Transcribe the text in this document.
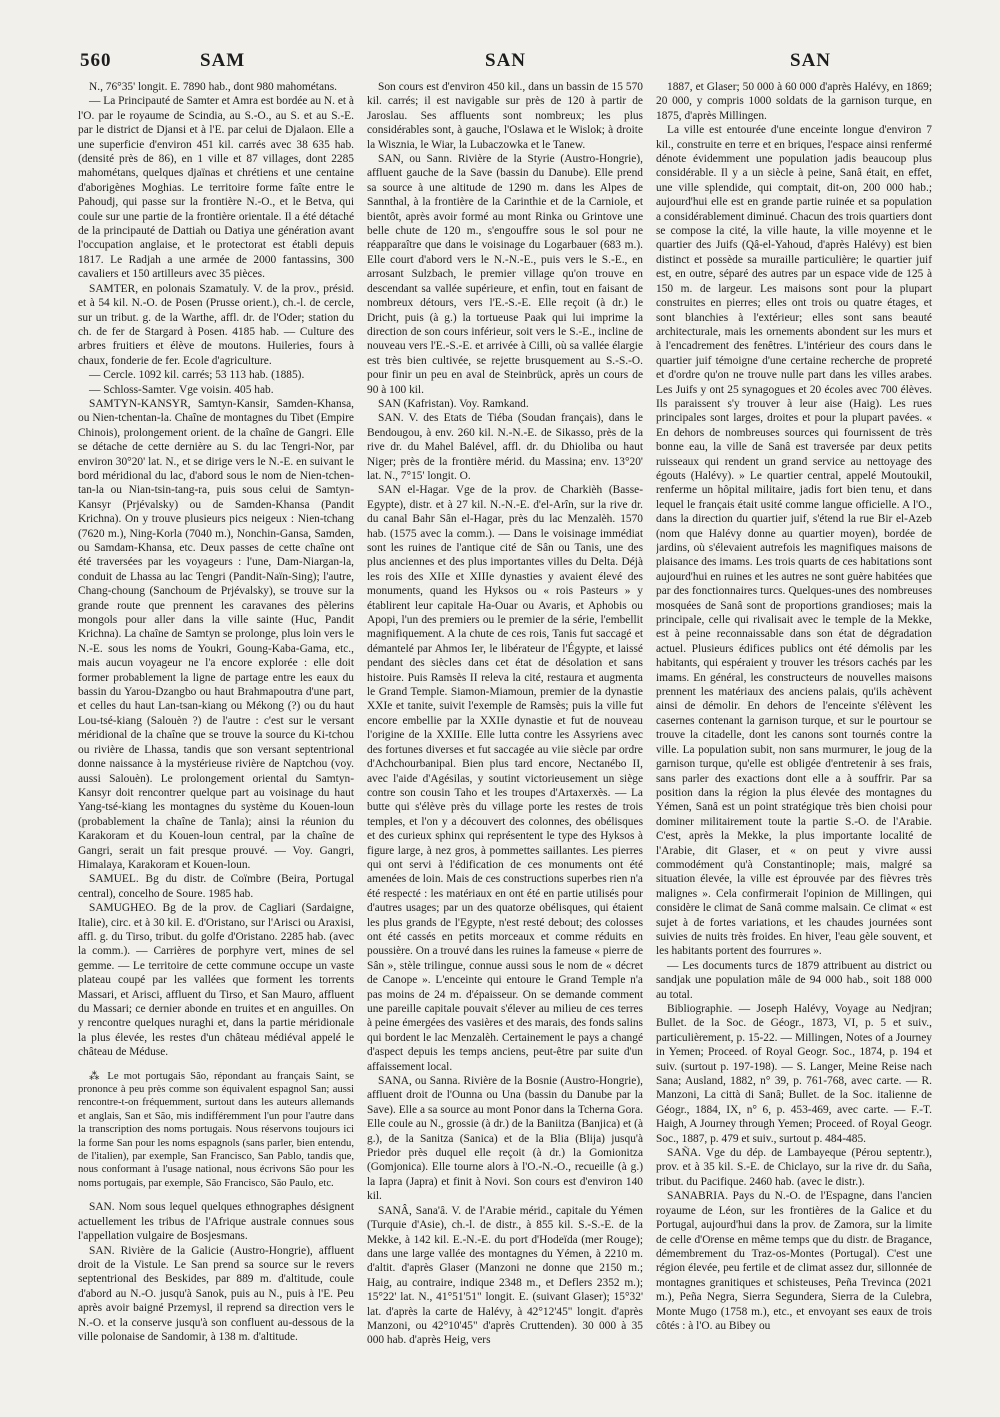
560	SAM	SAN	SAN

N., 76°35' longit. E. 7890 hab., dont 980 mahométans.

— La Principauté de Samter et Amra est bordée au N. et à l'O. par le royaume de Scindia, au S.-O., au S. et au S.-E. par le district de Djansi et à l'E. par celui de Djalaon. Elle a une superficie d'environ 451 kil. carrés avec 38 635 hab. (densité près de 86), en 1 ville et 87 villages, dont 2285 mahométans, quelques djaïnas et chrétiens et une centaine d'aborigènes Moghias. Le territoire forme faîte entre le Pahoudj, qui passe sur la frontière N.-O., et le Betva, qui coule sur une partie de la frontière orientale. Il a été détaché de la principauté de Dattiah ou Datiya une génération avant l'occupation anglaise, et le protectorat est établi depuis 1817. Le Radjah a une armée de 2000 fantassins, 300 cavaliers et 150 artilleurs avec 35 pièces.

SAMTER, en polonais Szamatuly. V. de la prov., présid. et à 54 kil. N.-O. de Posen (Prusse orient.), ch.-l. de cercle, sur un tribut. g. de la Warthe, affl. dr. de l'Oder; station du ch. de fer de Stargard à Posen. 4185 hab. — Culture des arbres fruitiers et élève de moutons. Huileries, fours à chaux, fonderie de fer. Ecole d'agriculture.

— Cercle. 1092 kil. carrés; 53 113 hab. (1885).

— Schloss-Samter. Vge voisin. 405 hab.

SAMTYN-KANSYR, Samtyn-Kansir, Samden-Khansa, ou Nien-tchentan-la. Chaîne de montagnes du Tibet (Empire Chinois), prolongement orient. de la chaîne de Gangri. Elle se détache de cette dernière au S. du lac Tengri-Nor, par environ 30°20' lat. N., et se dirige vers le N.-E. en suivant le bord méridional du lac, d'abord sous le nom de Nien-tchen-tan-la ou Nian-tsin-tang-ra, puis sous celui de Samtyn-Kansyr (Prjévalsky) ou de Samden-Khansa (Pandit Krichna). On y trouve plusieurs pics neigeux : Nien-tchang (7620 m.), Ning-Korla (7040 m.), Nonchin-Gansa, Samden, ou Samdam-Khansa, etc. Deux passes de cette chaîne ont été traversées par les voyageurs : l'une, Dam-Niargan-la, conduit de Lhassa au lac Tengri (Pandit-Naïn-Sing); l'autre, Chang-choung (Sanchoum de Prjévalsky), se trouve sur la grande route que prennent les caravanes des pèlerins mongols pour aller dans la ville sainte (Huc, Pandit Krichna). La chaîne de Samtyn se prolonge, plus loin vers le N.-E. sous les noms de Youkri, Goung-Kaba-Gama, etc., mais aucun voyageur ne l'a encore explorée : elle doit former probablement la ligne de partage entre les eaux du bassin du Yarou-Dzangbo ou haut Brahmapoutra d'une part, et celles du haut Lan-tsan-kiang ou Mékong (?) ou du haut Lou-tsé-kiang (Salouèn ?) de l'autre : c'est sur le versant méridional de la chaîne que se trouve la source du Ki-tchou ou rivière de Lhassa, tandis que son versant septentrional donne naissance à la mystérieuse rivière de Naptchou (voy. aussi Salouèn). Le prolongement oriental du Samtyn-Kansyr doit rencontrer quelque part au voisinage du haut Yang-tsé-kiang les montagnes du système du Kouen-loun (probablement la chaîne de Tanla); ainsi la réunion du Karakoram et du Kouen-loun central, par la chaîne de Gangri, serait un fait presque prouvé. — Voy. Gangri, Himalaya, Karakoram et Kouen-loun.

SAMUEL. Bg du distr. de Coïmbre (Beira, Portugal central), concelho de Soure. 1985 hab.

SAMUGHEO. Bg de la prov. de Cagliari (Sardaigne, Italie), circ. et à 30 kil. E. d'Oristano, sur l'Arisci ou Araxisi, affl. g. du Tirso, tribut. du golfe d'Oristano. 2285 hab. (avec la comm.). — Carrières de porphyre vert, mines de sel gemme. — Le territoire de cette commune occupe un vaste plateau coupé par les vallées que forment les torrents Massari, et Arisci, affluent du Tirso, et San Mauro, affluent du Massari; ce dernier abonde en truites et en anguilles. On y rencontre quelques nuraghi et, dans la partie méridionale la plus élevée, les restes d'un château médiéval appelé le château de Méduse.

⁂ Le mot portugais São, répondant au français Saint, se prononce à peu près comme son équivalent espagnol San; aussi rencontre-t-on fréquemment, surtout dans les auteurs allemands et anglais, San et São, mis indifféremment l'un pour l'autre dans la transcription des noms portugais. Nous réservons toujours ici la forme San pour les noms espagnols (sans parler, bien entendu, de l'italien), par exemple, San Francisco, San Pablo, tandis que, nous conformant à l'usage national, nous écrivons São pour les noms portugais, par exemple, São Francisco, São Paulo, etc.

SAN. Nom sous lequel quelques ethnographes désignent actuellement les tribus de l'Afrique australe connues sous l'appellation vulgaire de Bosjesmans.

SAN. Rivière de la Galicie (Austro-Hongrie), affluent droit de la Vistule. Le San prend sa source sur le revers septentrional des Beskides, par 889 m. d'altitude, coule d'abord au N.-O. jusqu'à Sanok, puis au N., puis à l'E. Peu après avoir baigné Przemysl, il reprend sa direction vers le N.-O. et la conserve jusqu'à son confluent au-dessous de la ville polonaise de Sandomir, à 138 m. d'altitude.

Son cours est d'environ 450 kil., dans un bassin de 15 570 kil. carrés; il est navigable sur près de 120 à partir de Jaroslau. Ses affluents sont nombreux; les plus considérables sont, à gauche, l'Oslawa et le Wislok; à droite la Wisznia, le Wiar, la Lubaczowka et le Tanew.

SAN, ou Sann. Rivière de la Styrie (Austro-Hongrie), affluent gauche de la Save (bassin du Danube). Elle prend sa source à une altitude de 1290 m. dans les Alpes de Sannthal, à la frontière de la Carinthie et de la Carniole, et bientôt, après avoir formé au mont Rinka ou Grintove une belle chute de 120 m., s'engouffre sous le sol pour ne réapparaître que dans le voisinage du Logarbauer (683 m.). Elle court d'abord vers le N.-N.-E., puis vers le S.-E., en arrosant Sulzbach, le premier village qu'on trouve en descendant sa vallée supérieure, et enfin, tout en faisant de nombreux détours, vers l'E.-S.-E. Elle reçoit (à dr.) le Dricht, puis (à g.) la tortueuse Paak qui lui imprime la direction de son cours inférieur, soit vers le S.-E., incline de nouveau vers l'E.-S.-E. et arrivée à Cilli, où sa vallée élargie est très bien cultivée, se rejette brusquement au S.-S.-O. pour finir un peu en aval de Steinbrück, après un cours de 90 à 100 kil.

SAN (Kafristan). Voy. Ramkand.

SAN. V. des Etats de Tiéba (Soudan français), dans le Bendougou, à env. 260 kil. N.-N.-E. de Sikasso, près de la rive dr. du Mahel Balével, affl. dr. du Dhioliba ou haut Niger; près de la frontière mérid. du Massina; env. 13°20' lat. N., 7°15' longit. O.

SAN el-Hagar. Vge de la prov. de Charkièh (Basse-Egypte), distr. et à 27 kil. N.-N.-E. d'el-Arîn, sur la rive dr. du canal Bahr Sân el-Hagar, près du lac Menzalèh. 1570 hab. (1575 avec la comm.). — Dans le voisinage immédiat sont les ruines de l'antique cité de Sân ou Tanis, une des plus anciennes et des plus importantes villes du Delta. Déjà les rois des XIIe et XIIIe dynasties y avaient élevé des monuments, quand les Hyksos ou « rois Pasteurs » y établirent leur capitale Ha-Ouar ou Avaris, et Aphobis ou Apopi, l'un des premiers ou le premier de la série, l'embellit magnifiquement. A la chute de ces rois, Tanis fut saccagé et démantelé par Ahmos Ier, le libérateur de l'Égypte, et laissé pendant des siècles dans cet état de désolation et sans histoire. Puis Ramsès II releva la cité, restaura et augmenta le Grand Temple. Siamon-Miamoun, premier de la dynastie XXIe et tanite, suivit l'exemple de Ramsès; puis la ville fut encore embellie par la XXIIe dynastie et fut de nouveau l'origine de la XXIIIe. Elle lutta contre les Assyriens avec des fortunes diverses et fut saccagée au viie siècle par ordre d'Achchourbanipal. Bien plus tard encore, Nectanébo II, avec l'aide d'Agésilas, y soutint victorieusement un siège contre son cousin Taho et les troupes d'Artaxerxès. — La butte qui s'élève près du village porte les restes de trois temples, et l'on y a découvert des colonnes, des obélisques et des curieux sphinx qui représentent le type des Hyksos à figure large, à nez gros, à pommettes saillantes. Les pierres qui ont servi à l'édification de ces monuments ont été amenées de loin. Mais de ces constructions superbes rien n'a été respecté : les matériaux en ont été en partie utilisés pour d'autres usages; par un des quatorze obélisques, qui étaient les plus grands de l'Egypte, n'est resté debout; des colosses ont été cassés en petits morceaux et comme réduits en poussière. On a trouvé dans les ruines la fameuse « pierre de Sân », stèle trilingue, connue aussi sous le nom de « décret de Canope ». L'enceinte qui entoure le Grand Temple n'a pas moins de 24 m. d'épaisseur. On se demande comment une pareille capitale pouvait s'élever au milieu de ces terres à peine émergées des vasières et des marais, des fonds salins qui bordent le lac Menzalèh. Certainement le pays a changé d'aspect depuis les temps anciens, peut-être par suite d'un affaissement local.

SANA, ou Sanna. Rivière de la Bosnie (Austro-Hongrie), affluent droit de l'Ounna ou Una (bassin du Danube par la Save). Elle a sa source au mont Ponor dans la Tcherna Gora. Elle coule au N., grossie (à dr.) de la Baniitza (Banjica) et (à g.), de la Sanitza (Sanica) et de la Blia (Blija) jusqu'à Priedor près duquel elle reçoit (à dr.) la Gomionitza (Gomjonica). Elle tourne alors à l'O.-N.-O., recueille (à g.) la Iapra (Japra) et finit à Novi. Son cours est d'environ 140 kil.

SANÂ, Sana'â. V. de l'Arabie mérid., capitale du Yémen (Turquie d'Asie), ch.-l. de distr., à 855 kil. S.-S.-E. de la Mekke, à 142 kil. E.-N.-E. du port d'Hodeïda (mer Rouge); dans une large vallée des montagnes du Yémen, à 2210 m. d'altit. d'après Glaser (Manzoni ne donne que 2150 m.; Haig, au contraire, indique 2348 m., et Deflers 2352 m.); 15°22' lat. N., 41°51'51" longit. E. (suivant Glaser); 15°32' lat. d'après la carte de Halévy, à 42°12'45" longit. d'après Manzoni, ou 42°10'45" d'après Cruttenden). 30 000 à 35 000 hab. d'après Heig, vers

1887, et Glaser; 50 000 à 60 000 d'après Halévy, en 1869; 20 000, y compris 1000 soldats de la garnison turque, en 1875, d'après Millingen.

La ville est entourée d'une enceinte longue d'environ 7 kil., construite en terre et en briques, l'espace ainsi renfermé dénote évidemment une population jadis beaucoup plus considérable. Il y a un siècle à peine, Sanâ était, en effet, une ville splendide, qui comptait, dit-on, 200 000 hab.; aujourd'hui elle est en grande partie ruinée et sa population a considérablement diminué. Chacun des trois quartiers dont se compose la cité, la ville haute, la ville moyenne et le quartier des Juifs (Qâ-el-Yahoud, d'après Halévy) est bien distinct et possède sa muraille particulière; le quartier juif est, en outre, séparé des autres par un espace vide de 125 à 150 m. de largeur. Les maisons sont pour la plupart construites en pierres; elles ont trois ou quatre étages, et sont blanchies à l'extérieur; elles sont sans beauté architecturale, mais les ornements abondent sur les murs et à l'encadrement des fenêtres. L'intérieur des cours dans le quartier juif témoigne d'une certaine recherche de propreté et d'ordre qu'on ne trouve nulle part dans les villes arabes. Les Juifs y ont 25 synagogues et 20 écoles avec 700 élèves. Ils paraissent s'y trouver à leur aise (Haig). Les rues principales sont larges, droites et pour la plupart pavées. « En dehors de nombreuses sources qui fournissent de très bonne eau, la ville de Sanâ est traversée par deux petits ruisseaux qui rendent un grand service au nettoyage des égouts (Halévy). » Le quartier central, appelé Moutoukil, renferme un hôpital militaire, jadis fort bien tenu, et dans lequel le français était usité comme langue officielle. A l'O., dans la direction du quartier juif, s'étend la rue Bir el-Azeb (nom que Halévy donne au quartier moyen), bordée de jardins, où s'élevaient autrefois les magnifiques maisons de plaisance des imams. Les trois quarts de ces habitations sont aujourd'hui en ruines et les autres ne sont guère habitées que par des fonctionnaires turcs. Quelques-unes des nombreuses mosquées de Sanâ sont de proportions grandioses; mais la principale, celle qui rivalisait avec le temple de la Mekke, est à peine reconnaissable dans son état de dégradation actuel. Plusieurs édifices publics ont été démolis par les habitants, qui espéraient y trouver les trésors cachés par les imams. En général, les constructeurs de nouvelles maisons prennent les matériaux des anciens palais, qu'ils achèvent ainsi de démolir. En dehors de l'enceinte s'élèvent les casernes contenant la garnison turque, et sur le pourtour se trouve la citadelle, dont les canons sont tournés contre la ville. La population subit, non sans murmurer, le joug de la garnison turque, qu'elle est obligée d'entretenir à ses frais, sans parler des exactions dont elle a à souffrir. Par sa position dans la région la plus élevée des montagnes du Yémen, Sanâ est un point stratégique très bien choisi pour dominer militairement toute la partie S.-O. de l'Arabie. C'est, après la Mekke, la plus importante localité de l'Arabie, dit Glaser, et « on peut y vivre aussi commodément qu'à Constantinople; mais, malgré sa situation élevée, la ville est éprouvée par des fièvres très malignes ». Cela confirmerait l'opinion de Millingen, qui considère le climat de Sanâ comme malsain. Ce climat « est sujet à de fortes variations, et les chaudes journées sont suivies de nuits très froides. En hiver, l'eau gèle souvent, et les habitants portent des fourrures ».

— Les documents turcs de 1879 attribuent au district ou sandjak une population mâle de 94 000 hab., soit 188 000 au total.

Bibliographie. — Joseph Halévy, Voyage au Nedjran; Bullet. de la Soc. de Géogr., 1873, VI, p. 5 et suiv., particulièrement, p. 15-22. — Millingen, Notes of a Journey in Yemen; Proceed. of Royal Geogr. Soc., 1874, p. 194 et suiv. (surtout p. 197-198). — S. Langer, Meine Reise nach Sana; Ausland, 1882, n° 39, p. 761-768, avec carte. — R. Manzoni, La città di Sanâ; Bullet. de la Soc. italienne de Géogr., 1884, IX, n° 6, p. 453-469, avec carte. — F.-T. Haigh, A Journey through Yemen; Proceed. of Royal Geogr. Soc., 1887, p. 479 et suiv., surtout p. 484-485.

SAÑA. Vge du dép. de Lambayeque (Pérou septentr.), prov. et à 35 kil. S.-E. de Chiclayo, sur la rive dr. du Saña, tribut. du Pacifique. 2460 hab. (avec le distr.).

SANABRIA. Pays du N.-O. de l'Espagne, dans l'ancien royaume de Léon, sur les frontières de la Galice et du Portugal, aujourd'hui dans la prov. de Zamora, sur la limite de celle d'Orense en même temps que du distr. de Bragance, démembrement du Traz-os-Montes (Portugal). C'est une région élevée, peu fertile et de climat assez dur, sillonnée de montagnes granitiques et schisteuses, Peña Trevinca (2021 m.), Peña Negra, Sierra Segundera, Sierra de la Culebra, Monte Mugo (1758 m.), etc., et envoyant ses eaux de trois côtés : à l'O. au Bibey ou
